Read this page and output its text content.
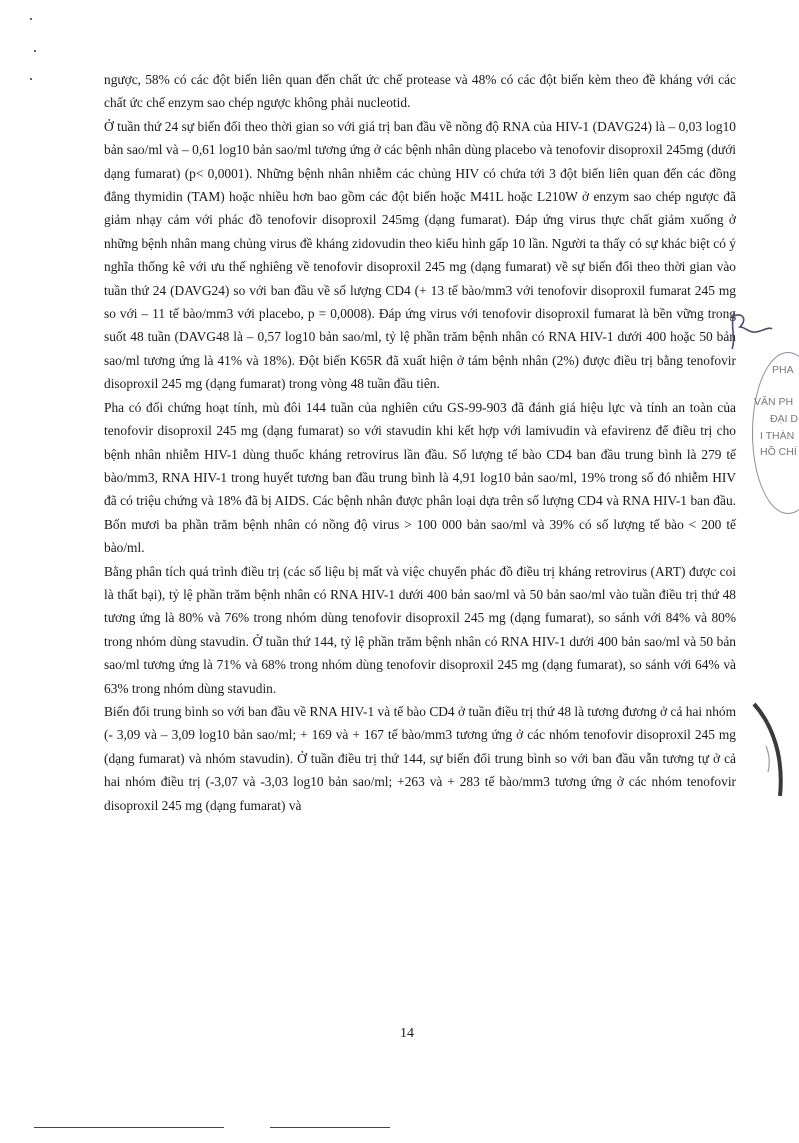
ngược, 58% có các đột biến liên quan đến chất ức chế protease và 48% có các đột biến kèm theo đề kháng với các chất ức chế enzym sao chép ngược không phải nucleotid.

Ở tuần thứ 24 sự biến đổi theo thời gian so với giá trị ban đầu về nồng độ RNA của HIV-1 (DAVG24) là – 0,03 log10 bản sao/ml và – 0,61 log10 bản sao/ml tương ứng ở các bệnh nhân dùng placebo và tenofovir disoproxil 245mg (dưới dạng fumarat) (p< 0,0001). Những bệnh nhân nhiễm các chủng HIV có chứa tới 3 đột biến liên quan đến các đồng đẳng thymidin (TAM) hoặc nhiều hơn bao gồm các đột biến hoặc M41L hoặc L210W ở enzym sao chép ngược đã giảm nhạy cảm với phác đồ tenofovir disoproxil 245mg (dạng fumarat). Đáp ứng virus thực chất giảm xuống ở những bệnh nhân mang chủng virus đề kháng zidovudin theo kiểu hình gấp 10 lần. Người ta thấy có sự khác biệt có ý nghĩa thống kê với ưu thế nghiêng về tenofovir disoproxil 245 mg (dạng fumarat) về sự biến đổi theo thời gian vào tuần thứ 24 (DAVG24) so với ban đầu về số lượng CD4 (+ 13 tế bào/mm3 với tenofovir disoproxil fumarat 245 mg so với – 11 tế bào/mm3 với placebo, p = 0,0008). Đáp ứng virus với tenofovir disoproxil fumarat là bền vững trong suốt 48 tuần (DAVG48 là – 0,57 log10 bản sao/ml, tỷ lệ phần trăm bệnh nhân có RNA HIV-1 dưới 400 hoặc 50 bản sao/ml tương ứng là 41% và 18%). Đột biến K65R đã xuất hiện ở tám bệnh nhân (2%) được điều trị bằng tenofovir disoproxil 245 mg (dạng fumarat) trong vòng 48 tuần đầu tiên.

Pha có đối chứng hoạt tính, mù đôi 144 tuần của nghiên cứu GS-99-903 đã đánh giá hiệu lực và tính an toàn của tenofovir disoproxil 245 mg (dạng fumarat) so với stavudin khi kết hợp với lamivudin và efavirenz để điều trị cho bệnh nhân nhiễm HIV-1 dùng thuốc kháng retrovirus lần đầu. Số lượng tế bào CD4 ban đầu trung bình là 279 tế bào/mm3, RNA HIV-1 trong huyết tương ban đầu trung bình là 4,91 log10 bản sao/ml, 19% trong số đó nhiễm HIV đã có triệu chứng và 18% đã bị AIDS. Các bệnh nhân được phân loại dựa trên số lượng CD4 và RNA HIV-1 ban đầu. Bốn mươi ba phần trăm bệnh nhân có nồng độ virus > 100 000 bản sao/ml và 39% có số lượng tế bào < 200 tế bào/ml.

Bằng phân tích quá trình điều trị (các số liệu bị mất và việc chuyển phác đồ điều trị kháng retrovirus (ART) được coi là thất bại), tỷ lệ phần trăm bệnh nhân có RNA HIV-1 dưới 400 bản sao/ml và 50 bản sao/ml vào tuần điều trị thứ 48 tương ứng là 80% và 76% trong nhóm dùng tenofovir disoproxil 245 mg (dạng fumarat), so sánh với 84% và 80% trong nhóm dùng stavudin. Ở tuần thứ 144, tỷ lệ phần trăm bệnh nhân có RNA HIV-1 dưới 400 bản sao/ml và 50 bản sao/ml tương ứng là 71% và 68% trong nhóm dùng tenofovir disoproxil 245 mg (dạng fumarat), so sánh với 64% và 63% trong nhóm dùng stavudin.

Biến đổi trung bình so với ban đầu về RNA HIV-1 và tế bào CD4 ở tuần điều trị thứ 48 là tương đương ở cả hai nhóm (- 3,09 và – 3,09 log10 bản sao/ml; + 169 và + 167 tế bào/mm3 tương ứng ở các nhóm tenofovir disoproxil 245 mg (dạng fumarat) và nhóm stavudin). Ở tuần điều trị thứ 144, sự biến đổi trung bình so với ban đầu vẫn tương tự ở cả hai nhóm điều trị (-3,07 và -3,03 log10 bản sao/ml; +263 và + 283 tế bào/mm3 tương ứng ở các nhóm tenofovir disoproxil 245 mg (dạng fumarat) và

14
PHA
VĂN PH
ĐẠI D
I THÀN
HỒ CHÍ
